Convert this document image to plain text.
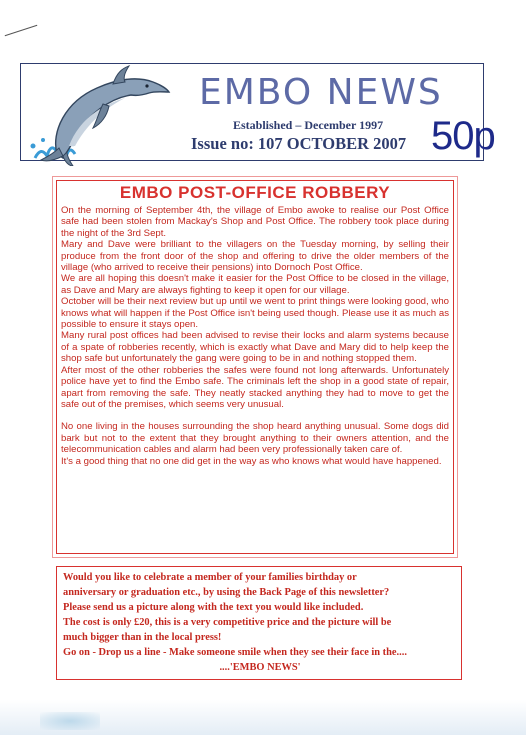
EMBO NEWS
Established – December 1997
Issue no: 107 OCTOBER 2007 50p
EMBO POST-OFFICE ROBBERY

On the morning of September 4th, the village of Embo awoke to realise our Post Office safe had been stolen from Mackay's Shop and Post Office. The robbery took place during the night of the 3rd Sept.

Mary and Dave were brilliant to the villagers on the Tuesday morning, by selling their produce from the front door of the shop and offering to drive the older members of the village (who arrived to receive their pensions) into Dornoch Post Office.

We are all hoping this doesn't make it easier for the Post Office to be closed in the village, as Dave and Mary are always fighting to keep it open for our village.

October will be their next review but up until we went to print things were looking good, who knows what will happen if the Post Office isn't being used though. Please use it as much as possible to ensure it stays open.

Many rural post offices had been advised to revise their locks and alarm systems because of a spate of robberies recently, which is exactly what Dave and Mary did to help keep the shop safe but unfortunately the gang were going to be in and nothing stopped them.

After most of the other robberies the safes were found not long afterwards. Unfortunately police have yet to find the Embo safe. The criminals left the shop in a good state of repair, apart from removing the safe. They neatly stacked anything they had to move to get the safe out of the premises, which seems very unusual.

No one living in the houses surrounding the shop heard anything unusual. Some dogs did bark but not to the extent that they brought anything to their owners attention, and the telecommunication cables and alarm had been very professionally taken care of.

It's a good thing that no one did get in the way as who knows what would have happened.

Would you like to celebrate a member of your families birthday or

anniversary or graduation etc., by using the Back Page of this newsletter?

Please send us a picture along with the text you would like included.

The cost is only £20, this is a very competitive price and the picture will be

much bigger than in the local press!

Go on - Drop us a line - Make someone smile when they see their face in the....

....'EMBO NEWS'
